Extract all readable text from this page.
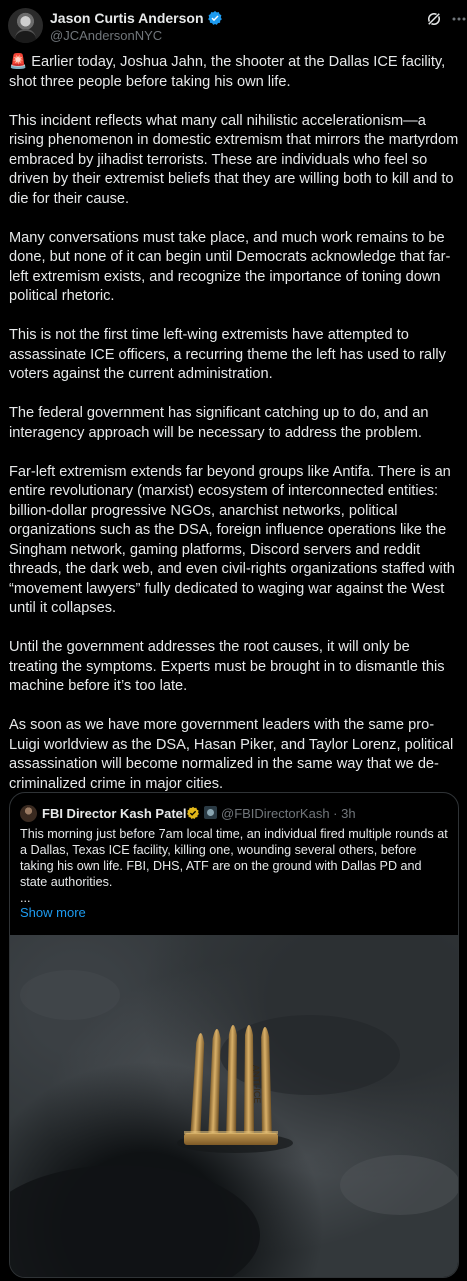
Jason Curtis Anderson
@JCAndersonNYC

🚨 Earlier today, Joshua Jahn, the shooter at the Dallas ICE facility, shot three people before taking his own life.

This incident reflects what many call nihilistic accelerationism—a rising phenomenon in domestic extremism that mirrors the martyrdom embraced by jihadist terrorists. These are individuals who feel so driven by their extremist beliefs that they are willing both to kill and to die for their cause.

Many conversations must take place, and much work remains to be done, but none of it can begin until Democrats acknowledge that far-left extremism exists, and recognize the importance of toning down political rhetoric.

This is not the first time left-wing extremists have attempted to assassinate ICE officers, a recurring theme the left has used to rally voters against the current administration.

The federal government has significant catching up to do, and an interagency approach will be necessary to address the problem.

Far-left extremism extends far beyond groups like Antifa. There is an entire revolutionary (marxist) ecosystem of interconnected entities: billion-dollar progressive NGOs, anarchist networks, political organizations such as the DSA, foreign influence operations like the Singham network, gaming platforms, Discord servers and reddit threads, the dark web, and even civil-rights organizations staffed with “movement lawyers” fully dedicated to waging war against the West until it collapses.

Until the government addresses the root causes, it will only be treating the symptoms. Experts must be brought in to dismantle this machine before it’s too late.

As soon as we have more government leaders with the same pro-Luigi worldview as the DSA, Hasan Piker, and Taylor Lorenz, political assassination will become normalized in the same way that we de-criminalized crime in major cities.

FBI Director Kash Patel	@FBIDirectorKash · 3h
This morning just before 7am local time, an individual fired multiple rounds at a Dallas, Texas ICE facility, killing one, wounding several others, before taking his own life. FBI, DHS, ATF are on the ground with Dallas PD and state authorities.
...
Show more
ANTI-ICE
